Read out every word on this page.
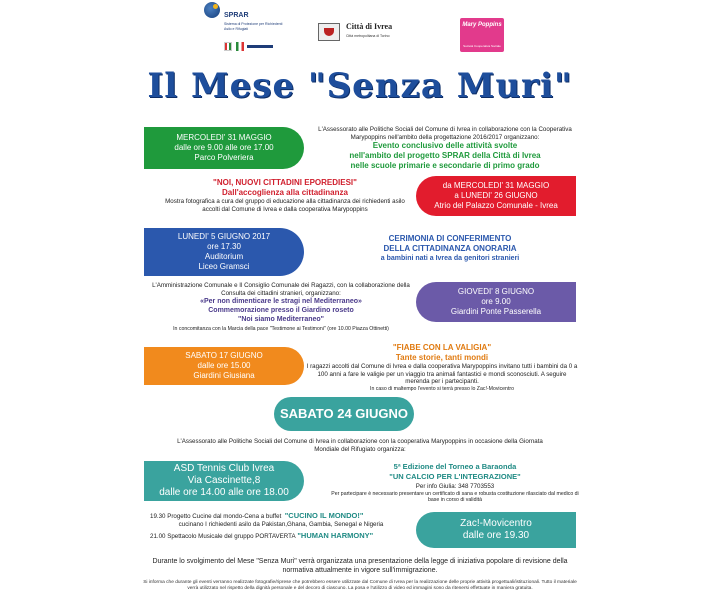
SPRAR
Sistema di Protezione per Richiedenti Asilo e Rifugiati	Città di Ivrea
Città metropolitana di Torino
Mary Poppins
Società Cooperativa Sociale
Il Mese "Senza Muri"
MERCOLEDI' 31 MAGGIO
dalle ore 9.00 alle ore 17.00
Parco Polveriera
L'Assessorato alle Politiche Sociali del Comune di Ivrea in collaborazione con la Cooperativa Marypoppins nell'ambito della progettazione 2016/2017 organizzano:
Evento conclusivo delle attività svolte
nell'ambito del progetto SPRAR della Città di Ivrea
nelle scuole primarie e secondarie di primo grado
"NOI, NUOVI CITTADINI EPOREDIESI"
Dall'accoglienza alla cittadinanza
Mostra fotografica a cura del gruppo di educazione alla cittadinanza dei richiedenti asilo accolti dal Comune di Ivrea e dalla cooperativa Marypoppins
da MERCOLEDI' 31 MAGGIO
a LUNEDI' 26 GIUGNO
Atrio del Palazzo Comunale - Ivrea
LUNEDI' 5 GIUGNO 2017
ore 17.30
Auditorium
Liceo Gramsci
CERIMONIA DI CONFERIMENTO
DELLA CITTADINANZA ONORARIA
a bambini nati a Ivrea da genitori stranieri
L'Amministrazione Comunale e Il Consiglio Comunale dei Ragazzi, con la collaborazione della Consulta dei cittadini stranieri, organizzano:
«Per non dimenticare le stragi nel Mediterraneo»
Commemorazione presso il Giardino roseto
"Noi siamo Mediterraneo"
In concomitanza con la Marcia della pace "Testimone ai Testimoni" (ore 10.00 Piazza Ottinetti)
GIOVEDI' 8 GIUGNO
ore 9.00
Giardini Ponte Passerella
SABATO 17 GIUGNO
dalle ore 15.00
Giardini Giusiana
"FIABE CON LA VALIGIA"
Tante storie, tanti mondi
I ragazzi accolti dal Comune di Ivrea e dalla cooperativa Marypoppins invitano tutti i bambini da 0 a 100 anni a fare le valigie per un viaggio tra animali fantastici e mondi sconosciuti. A seguire merenda per i partecipanti.
In caso di maltempo l'evento si terrà presso lo Zac!-Movicentro
SABATO 24 GIUGNO
L'Assessorato alle Politiche Sociali del Comune di Ivrea in collaborazione con la cooperativa Marypoppins in occasione della Giornata Mondiale del Rifugiato organizza:
ASD Tennis Club Ivrea
Via Cascinette,8
dalle ore 14.00 alle ore 18.00
5ª Edizione del Torneo a Baraonda
"UN CALCIO PER L'INTEGRAZIONE"
Per info Giulia: 348 7703553
Per partecipare è necessario presentare un certificato di sana e robusta costituzione rilasciato dal medico di base in corso di validità
19.30 Progetto Cucine dal mondo-Cena a buffet "CUCINO IL MONDO!"
cucinano I richiedenti asilo da Pakistan,Ghana, Gambia, Senegal e Nigeria
21.00 Spettacolo Musicale del gruppo PORTAVERTA "HUMAN HARMONY"
Zac!-Movicentro
dalle ore 19.30
Durante lo svolgimento del Mese "Senza Muri" verrà organizzata una presentazione della legge di iniziativa popolare di revisione della normativa attualmente in vigore sull'immigrazione.
Si informa che durante gli eventi verranno realizzate fotografie/riprese che potrebbero essere utilizzate dal Comune di Ivrea per la realizzazione delle proprie attività progettuali/istituzionali. Tutto il materiale verrà utilizzato nel rispetto della dignità personale e del decoro di ciascuno. La posa e l'utilizzo di video ed immagini sono da ritenersi effettuate in maniera gratuita.
